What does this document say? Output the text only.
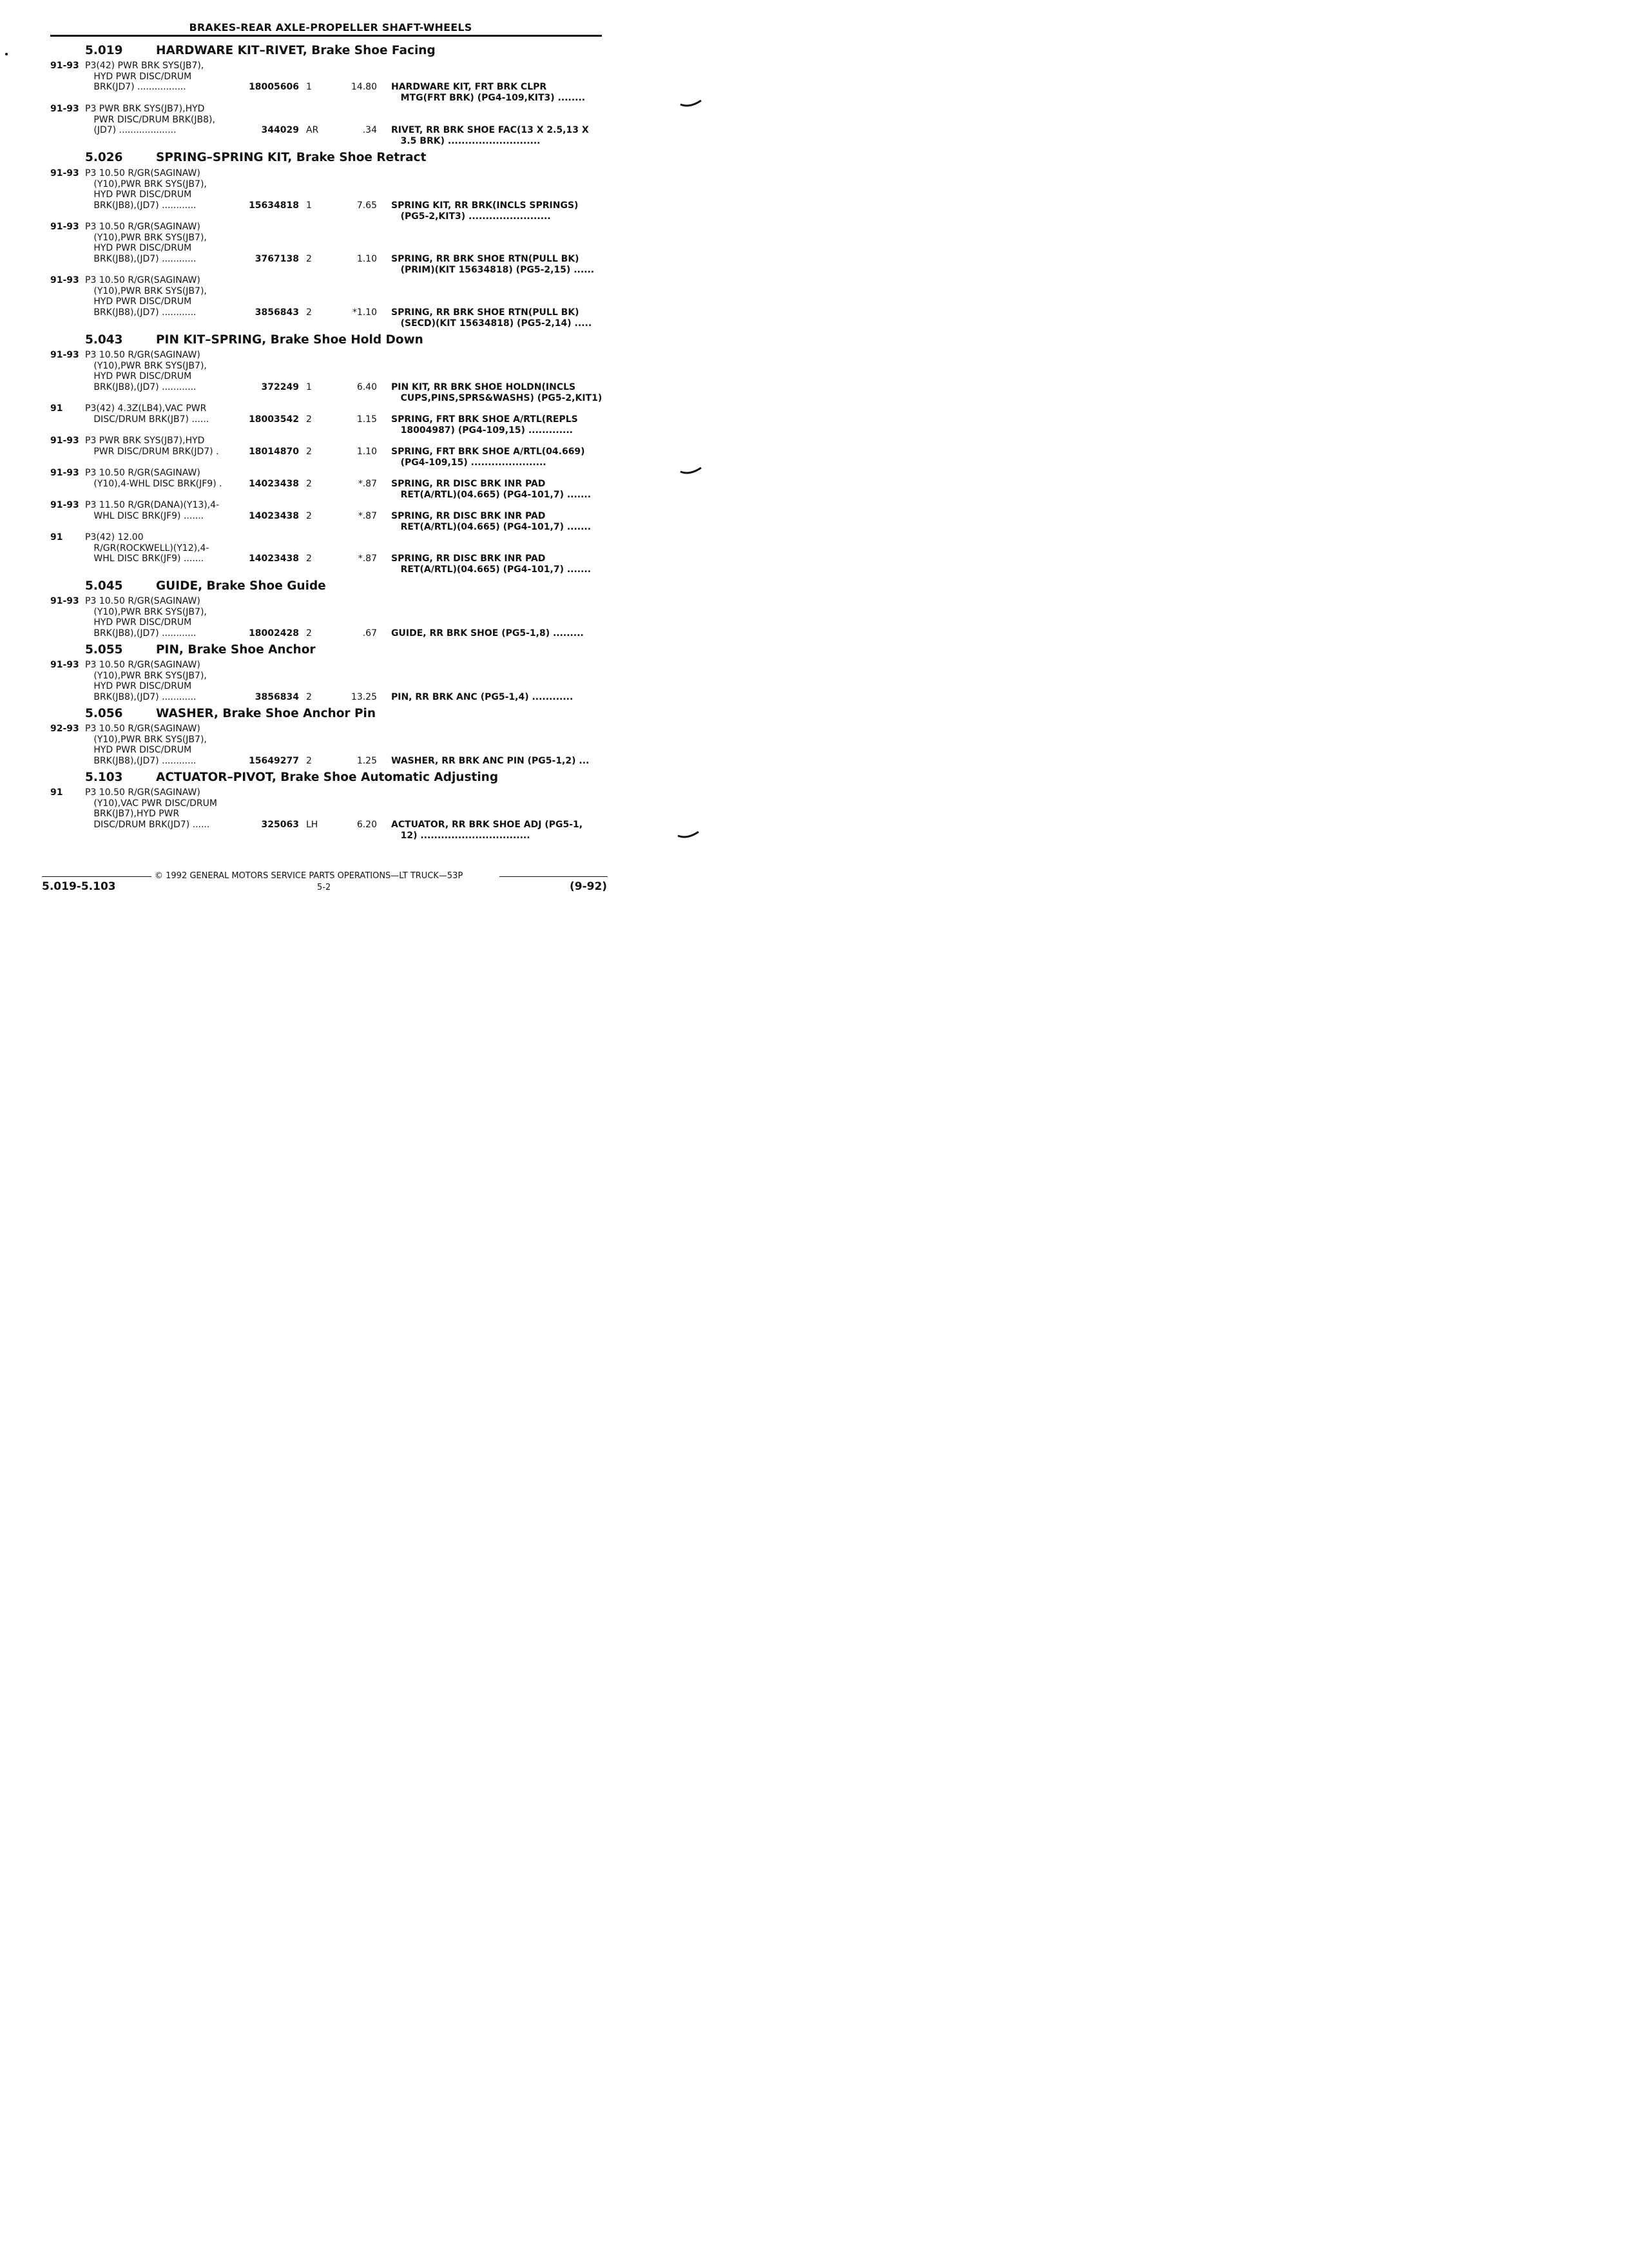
BRAKES-REAR AXLE-PROPELLER SHAFT-WHEELS
5.019	HARDWARE KIT–RIVET, Brake Shoe Facing
5.026	SPRING–SPRING KIT, Brake Shoe Retract
5.043	PIN KIT–SPRING, Brake Shoe Hold Down
5.045	GUIDE, Brake Shoe Guide
5.055	PIN, Brake Shoe Anchor
5.056	WASHER, Brake Shoe Anchor Pin
5.103	ACTUATOR–PIVOT, Brake Shoe Automatic Adjusting
91-93 P3(42) PWR BRK SYS(JB7),
HYD PWR DISC/DRUM
BRK(JD7) .................	18005606 1	14.80 HARDWARE KIT, FRT BRK CLPR
MTG(FRT BRK) (PG4-109,KIT3) ........
91-93 P3 PWR BRK SYS(JB7),HYD
PWR DISC/DRUM BRK(JB8),
(JD7) ....................	344029 AR	.34 RIVET, RR BRK SHOE FAC(13 X 2.5,13 X
3.5 BRK) ...........................
91-93 P3 10.50 R/GR(SAGINAW)
(Y10),PWR BRK SYS(JB7),
HYD PWR DISC/DRUM
BRK(JB8),(JD7) ............	15634818 1	7.65 SPRING KIT, RR BRK(INCLS SPRINGS)
(PG5-2,KIT3) ........................
91-93 P3 10.50 R/GR(SAGINAW)
(Y10),PWR BRK SYS(JB7),
HYD PWR DISC/DRUM
BRK(JB8),(JD7) ............	3767138 2	1.10 SPRING, RR BRK SHOE RTN(PULL BK)
(PRIM)(KIT 15634818) (PG5-2,15) ......
91-93 P3 10.50 R/GR(SAGINAW)
(Y10),PWR BRK SYS(JB7),
HYD PWR DISC/DRUM
BRK(JB8),(JD7) ............	3856843 2	*1.10 SPRING, RR BRK SHOE RTN(PULL BK)
(SECD)(KIT 15634818) (PG5-2,14) .....
91-93 P3 10.50 R/GR(SAGINAW)
(Y10),PWR BRK SYS(JB7),
HYD PWR DISC/DRUM
BRK(JB8),(JD7) ............	372249 1	6.40 PIN KIT, RR BRK SHOE HOLDN(INCLS
CUPS,PINS,SPRS&WASHS) (PG5-2,KIT1)
91 P3(42) 4.3Z(LB4),VAC PWR
DISC/DRUM BRK(JB7) ......	18003542 2	1.15 SPRING, FRT BRK SHOE A/RTL(REPLS
18004987) (PG4-109,15) .............
91-93 P3 PWR BRK SYS(JB7),HYD
PWR DISC/DRUM BRK(JD7) .	18014870 2	1.10 SPRING, FRT BRK SHOE A/RTL(04.669)
(PG4-109,15) ......................
91-93 P3 10.50 R/GR(SAGINAW)
(Y10),4-WHL DISC BRK(JF9) .	14023438 2	*.87 SPRING, RR DISC BRK INR PAD
RET(A/RTL)(04.665) (PG4-101,7) .......
91-93 P3 11.50 R/GR(DANA)(Y13),4-
WHL DISC BRK(JF9) .......	14023438 2	*.87 SPRING, RR DISC BRK INR PAD
RET(A/RTL)(04.665) (PG4-101,7) .......
91 P3(42) 12.00
R/GR(ROCKWELL)(Y12),4-
WHL DISC BRK(JF9) .......	14023438 2	*.87 SPRING, RR DISC BRK INR PAD
RET(A/RTL)(04.665) (PG4-101,7) .......
91-93 P3 10.50 R/GR(SAGINAW)
(Y10),PWR BRK SYS(JB7),
HYD PWR DISC/DRUM
BRK(JB8),(JD7) ............	18002428 2	.67 GUIDE, RR BRK SHOE (PG5-1,8) .........
91-93 P3 10.50 R/GR(SAGINAW)
(Y10),PWR BRK SYS(JB7),
HYD PWR DISC/DRUM
BRK(JB8),(JD7) ............	3856834 2	13.25 PIN, RR BRK ANC (PG5-1,4) ............
92-93 P3 10.50 R/GR(SAGINAW)
(Y10),PWR BRK SYS(JB7),
HYD PWR DISC/DRUM
BRK(JB8),(JD7) ............	15649277 2	1.25 WASHER, RR BRK ANC PIN (PG5-1,2) ...
91 P3 10.50 R/GR(SAGINAW)
(Y10),VAC PWR DISC/DRUM
BRK(JB7),HYD PWR
DISC/DRUM BRK(JD7) ......	325063 LH	6.20 ACTUATOR, RR BRK SHOE ADJ (PG5-1,
12) ................................
© 1992 GENERAL MOTORS SERVICE PARTS OPERATIONS—LT TRUCK—53P
5.019-5.103	5-2	(9-92)
